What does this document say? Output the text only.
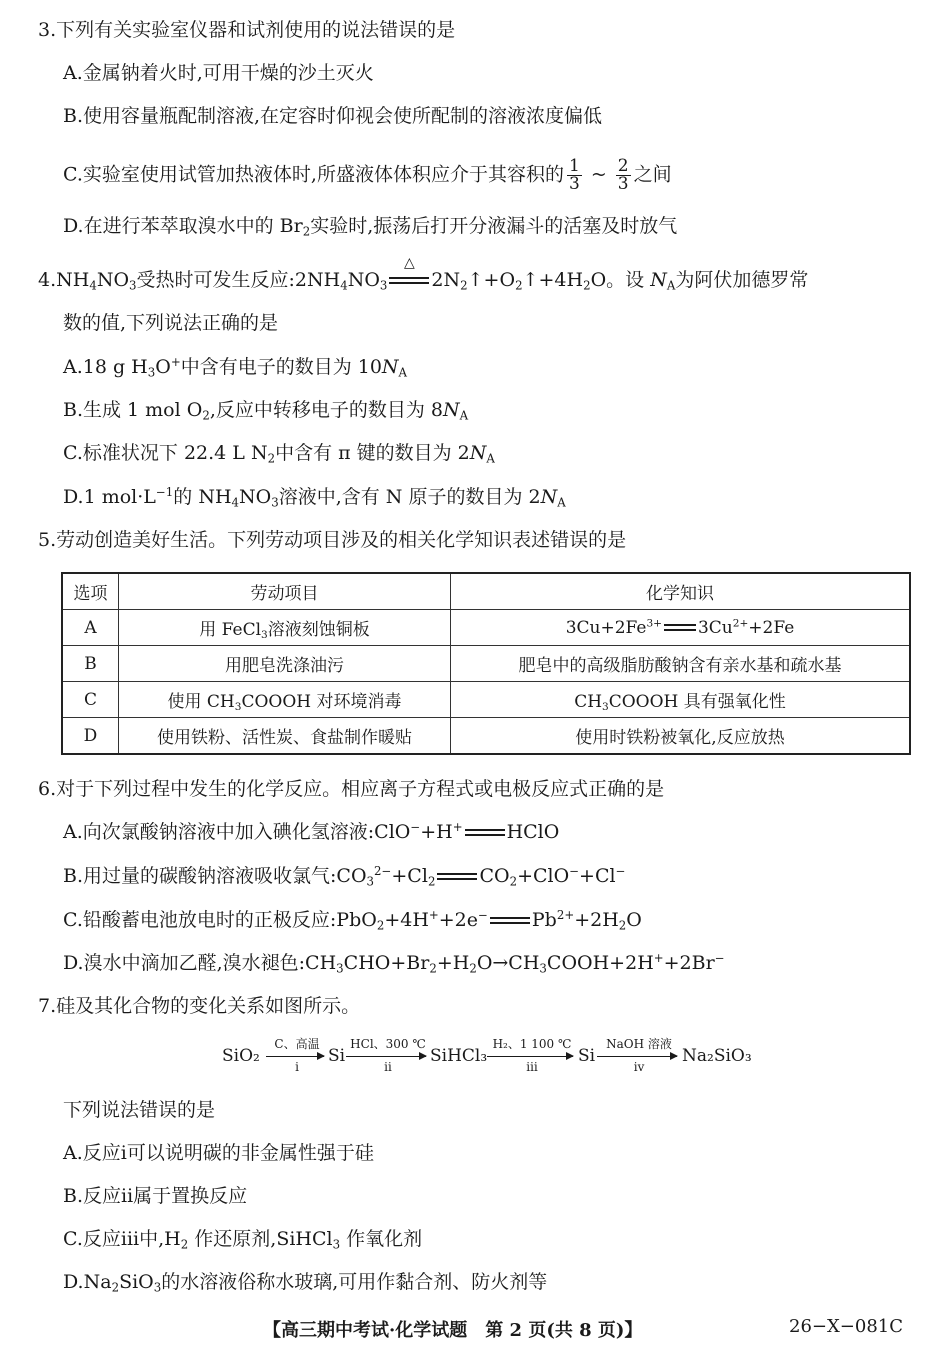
3.下列有关实验室仪器和试剂使用的说法错误的是
A.金属钠着火时,可用干燥的沙土灭火
B.使用容量瓶配制溶液,在定容时仰视会使所配制的溶液浓度偏低
C.实验室使用试管加热液体时,所盛液体体积应介于其容积的 $\frac{1}{3}$ ~ $\frac{2}{3}$ 之间
D.在进行苯萃取溴水中的 $Br_2$实验时,振荡后打开分液漏斗的活塞及时放气
$4.NH_4NO_3$受热时可发生反应$:2NH_4NO_3$
△
$2N_2↑+O_2↑+4H_2O$。设 $N_A$为阿伏加德罗常
数的值,下列说法正确的是
A.18 g $H_3O^+$中含有电子的数目为 $10N_A$
B.生成 1 mol $O_2$,反应中转移电子的数目为 $8N_A$
C.标准状况下 22.4 L $N_2$中含有 π 键的数目为 $2N_A$
D.1 $mol\cdot L^{-1}$的 $NH_4NO_3$溶液中,含有 N 原子的数目为 $2N_A$
5.劳动创造美好生活。下列劳动项目涉及的相关化学知识表述错误的是
选项	劳动项目	化学知识
A	用 FeCl$_3$溶液刻蚀铜板	$3Cu+2Fe^{3+}$ $3Cu^{2+}+2Fe$
B	用肥皂洗涤油污	肥皂中的高级脂肪酸钠含有亲水基和疏水基
C	使用 $CH_3COOOH$ 对环境消毒	$CH_3COOOH$ 具有强氧化性
D	使用铁粉、活性炭、食盐制作暖贴	使用时铁粉被氧化,反应放热
6.对于下列过程中发生的化学反应。相应离子方程式或电极反应式正确的是
A.向次氯酸钠溶液中加入碘化氢溶液:ClO−+H+ HClO
B.用过量的碳酸钠溶液吸收氯气$:CO_3^{2-}+Cl_2$ $CO_2+ClO^-+Cl^-$
C.铅酸蓄电池放电时的正极反应:PbO$_2$+4H++2e− $Pb^{2+}+2H_2O$
D.溴水中滴加乙醛,溴水褪色$:CH_3CHO+Br_2+H_2O\to CH_3COOH+2H^++2Br^-$
7.硅及其化合物的变化关系如图所示。
SiO₂
C、高温
ⅰ
Si
HCl、300 ℃
ⅱ
SiHCl₃
H₂、1 100 ℃
ⅲ
Si
NaOH 溶液
ⅳ
Na₂SiO₃
下列说法错误的是
A.反应ⅰ可以说明碳的非金属性强于硅
B.反应ⅱ属于置换反应
C.反应ⅲ中$,H_2$ 作还原剂,SiHCl$_3$ 作氧化剂
$D.Na_2SiO_3$的水溶液俗称水玻璃,可用作黏合剂、防火剂等
【高三期中考试·化学试题　第 2 页(共 8 页)】	26−X−081C
